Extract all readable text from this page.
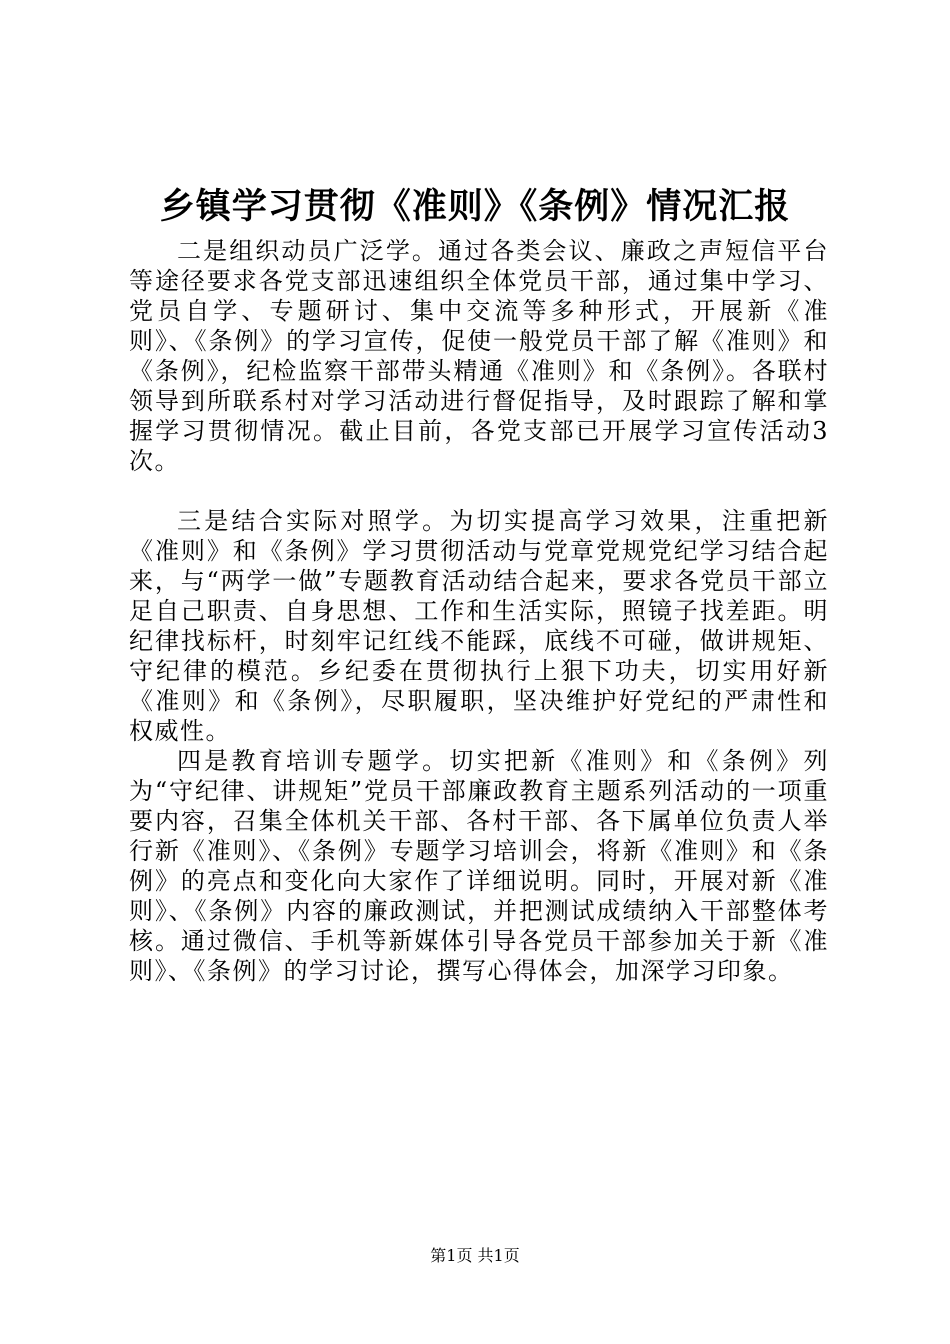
乡镇学习贯彻《准则》《条例》情况汇报

二是组织动员广泛学。通过各类会议、廉政之声短信平台等途径要求各党支部迅速组织全体党员干部，通过集中学习、党员自学、专题研讨、集中交流等多种形式，开展新《准则》、《条例》的学习宣传，促使一般党员干部了解《准则》和《条例》，纪检监察干部带头精通《准则》和《条例》。各联村领导到所联系村对学习活动进行督促指导，及时跟踪了解和掌握学习贯彻情况。截止目前，各党支部已开展学习宣传活动3次。

三是结合实际对照学。为切实提高学习效果，注重把新《准则》和《条例》学习贯彻活动与党章党规党纪学习结合起来，与“两学一做”专题教育活动结合起来，要求各党员干部立足自己职责、自身思想、工作和生活实际，照镜子找差距。明纪律找标杆，时刻牢记红线不能踩，底线不可碰，做讲规矩、守纪律的模范。乡纪委在贯彻执行上狠下功夫，切实用好新《准则》和《条例》，尽职履职，坚决维护好党纪的严肃性和权威性。

四是教育培训专题学。切实把新《准则》和《条例》列为“守纪律、讲规矩”党员干部廉政教育主题系列活动的一项重要内容，召集全体机关干部、各村干部、各下属单位负责人举行新《准则》、《条例》专题学习培训会，将新《准则》和《条例》的亮点和变化向大家作了详细说明。同时，开展对新《准则》、《条例》内容的廉政测试，并把测试成绩纳入干部整体考核。通过微信、手机等新媒体引导各党员干部参加关于新《准则》、《条例》的学习讨论，撰写心得体会，加深学习印象。

第1页 共1页
